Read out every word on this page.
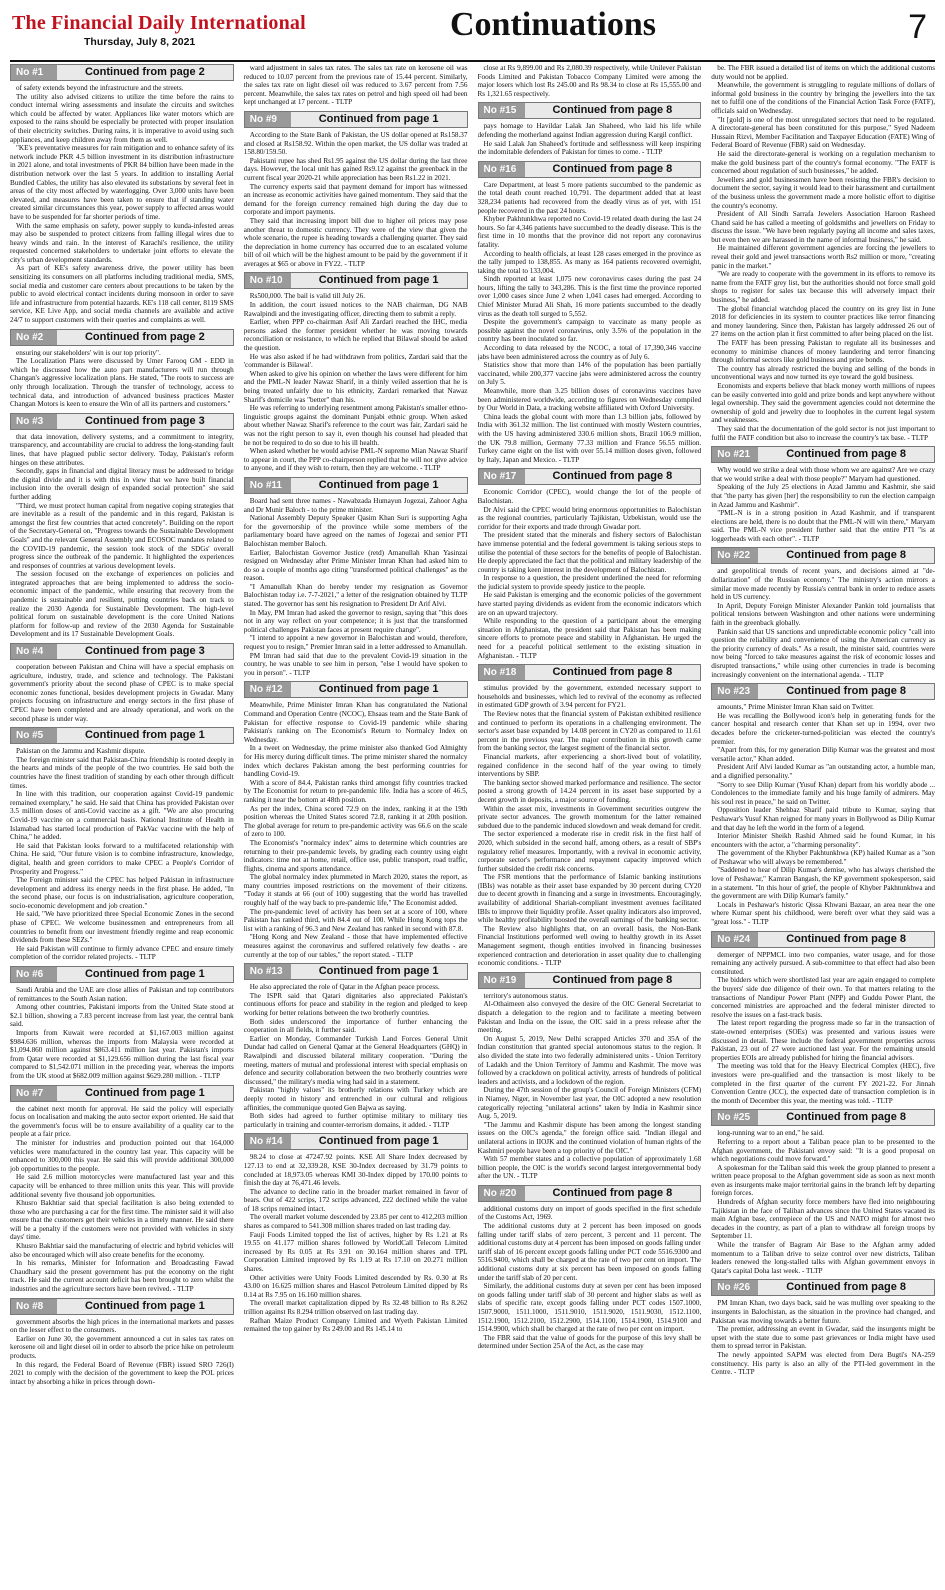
The Financial Daily International
Thursday, July 8, 2021	Continuations	7
No #1	Continued from page 2

of safety extends beyond the infrastructure and the streets.

The utility also advised citizens to utilize the time before the rains to conduct internal wiring assessments and insulate the circuits and switches which could be affected by water. Appliances like water motors which are exposed to the rains should be especially be protected with proper insulation of their electricity switches. During rains, it is imperative to avoid using such appliances, and keep children away from them as well.

"KE's preventative measures for rain mitigation and to enhance safety of its network include PKR 4.5 billion investment in its distribution infrastructure in 2021 alone, and total investments of PKR 84 billion have been made in the distribution network over the last 5 years. In addition to installing Aerial Bundled Cables, the utility has also elevated its substations by several feet in areas of the city most affected by waterlogging. Over 3,000 units have been elevated, and measures have been taken to ensure that if standing water created similar circumstances this year, power supply to affected areas would have to be suspended for far shorter periods of time.

With the same emphasis on safety, power supply to kunda-infested areas may also be suspended to protect citizens from falling illegal wires due to heavy winds and rain. In the interest of Karachi's resilience, the utility requested concerned stakeholders to undertake joint efforts to elevate the city's urban development standards.

As part of KE's safety awareness drive, the power utility has been sensitizing its consumers on all platforms including traditional media, SMS, social media and customer care centers about precautions to be taken by the public to avoid electrical contact incidents during monsoon in order to save life and infrastructure from potential hazards. KE's 118 call center, 8119 SMS service, KE Live App, and social media channels are available and active 24/7 to support customers with their queries and complaints as well.

No #2	Continued from page 2

ensuring our stakeholders' win is our top priority".

The Localization Plans were discussed by Umer Farooq GM - EDD in which he discussed how the auto part manufacturers will run through Changan's aggressive localization plans. He stated, "The roots to success are only through localization. Through the transfer of technology, access to technical data, and introduction of advanced business practices Master Changan Motors is keen to ensure the Win of all its partners and customers."

No #3	Continued from page 3

that data innovation, delivery systems, and a commitment to integrity, transparency, and accountability are crucial to address the long-standing fault lines, that have plagued public sector delivery. Today, Pakistan's reform hinges on these attributes.

Secondly, gaps in financial and digital literacy must be addressed to bridge the digital divide and it is with this in view that we have built financial inclusion into the overall design of expanded social protection" she said further adding

"Third, we must protect human capital from negative coping strategies that are inevitable as a result of the pandemic and in this regard, Pakistan is amongst the first few countries that acted concretely". Building on the report of the Secretary-General on, "Progress towards the Sustainable Development Goals" and the relevant General Assembly and ECOSOC mandates related to the COVID-19 pandemic, the session took stock of the SDGs' overall progress since the outbreak of the pandemic. It highlighted the experiences and responses of countries at various development levels.

The session focused on the exchange of experiences on policies and integrated approaches that are being implemented to address the socio-economic impact of the pandemic, while ensuring that recovery from the pandemic is sustainable and resilient, putting countries back on track to realize the 2030 Agenda for Sustainable Development. The high-level political forum on sustainable development is the core United Nations platform for follow-up and review of the 2030 Agenda for Sustainable Development and its 17 Sustainable Development Goals.

No #4	Continued from page 3

cooperation between Pakistan and China will have a special emphasis on agriculture, industry, trade, and science and technology. The Pakistani government's priority about the second phase of CPEC is to make special economic zones functional, besides development projects in Gwadar. Many projects focusing on infrastructure and energy sectors in the first phase of CPEC have been completed and are already operational, and work on the second phase is under way.

No #5	Continued from page 1

Pakistan on the Jammu and Kashmir dispute.

The foreign minister said that Pakistan-China friendship is rooted deeply in the hearts and minds of the people of the two countries. He said both the countries have the finest tradition of standing by each other through difficult times.

In line with this tradition, our cooperation against Covid-19 pandemic remained exemplary," he said. He said that China has provided Pakistan over 3.5 million doses of anti-Covid vaccine as a gift. "We are also procuring Covid-19 vaccine on a commercial basis. National Institute of Health in Islamabad has started local production of PakVac vaccine with the help of China," he added.

He said that Pakistan looks forward to a multifaceted relationship with China. He said, "Our future vision is to combine infrastructure, knowledge, digital, health and green corridors to make CPEC a People's Corridor of Prosperity and Progress."

The Foreign minister said the CPEC has helped Pakistan in infrastructure development and address its energy needs in the first phase. He added, "In the second phase, our focus is on industrialisation, agriculture cooperation, socio-economic development and job creation."

He said, "We have prioritized three Special Economic Zones in the second phase of CPEC. We welcome businessmen and entrepreneurs from all countries to benefit from our investment friendly regime and reap economic dividends from these SEZs."

He said Pakistan will continue to firmly advance CPEC and ensure timely completion of the corridor related projects. - TLTP

No #6	Continued from page 1

Saudi Arabia and the UAE are close allies of Pakistan and top contributors of remittances to the South Asian nation.

Among other countries, Pakistani imports from the United State stood at $2.1 billion, showing a 7.83 percent increase from last year, the central bank said.

Imports from Kuwait were recorded at $1,167.003 million against $984.636 million, whereas the imports from Malaysia were recorded at $1,094.860 million against $863.411 million last year. Pakistan's imports from Qatar were recorded at $1,129.656 million during the last fiscal year compared to $1,542.071 million in the preceding year, whereas the imports from the UK stood at $682.009 million against $629.280 million. - TLTP

No #7	Continued from page 1

the cabinet next month for approval. He said the policy will especially focus on localisation and making the auto sector export oriented. He said that the government's focus will be to ensure availability of a quality car to the people at a fair price.

The minister for industries and production pointed out that 164,000 vehicles were manufactured in the country last year. This capacity will be enhanced to 300,000 this year. He said this will provide additional 300,000 job opportunities to the people.

He said 2.6 million motorcycles were manufactured last year and this capacity will be enhanced to three million units this year. This will provide additional seventy five thousand job opportunities.

Khusro Bakhtiar said that special facilitation is also being extended to those who are purchasing a car for the first time. The minister said it will also ensure that the customers get their vehicles in a timely manner. He said there will be a penalty if the customers were not provided with vehicles in sixty days' time.

Khusro Bakhtiar said the manufacturing of electric and hybrid vehicles will also be encouraged which will also create benefits for the economy.

In his remarks, Minister for Information and Broadcasting Fawad Chaudhary said the present government has put the economy on the right track. He said the current account deficit has been brought to zero whilst the industries and the agriculture sectors have been revived. - TLTP

No #8	Continued from page 1

government absorbs the high prices in the international markets and passes on the lesser effect to the consumers.

Earlier on June 30, the government announced a cut in sales tax rates on kerosene oil and light diesel oil in order to absorb the price hike on petroleum products.

In this regard, the Federal Board of Revenue (FBR) issued SRO 726(I) 2021 to comply with the decision of the government to keep the POL prices intact by absorbing a hike in prices through down-

ward adjustment in sales tax rates. The sales tax rate on kerosene oil was reduced to 10.07 percent from the previous rate of 15.44 percent. Similarly, the sales tax rate on light diesel oil was reduced to 3.67 percent from 7.56 percent. Meanwhile, the sales tax rates on petrol and high speed oil had been kept unchanged at 17 percent. - TLTP

No #9	Continued from page 1

According to the State Bank of Pakistan, the US dollar opened at Rs158.37 and closed at Rs158.92. Within the open market, the US dollar was traded at 158.80/159.50.

Pakistani rupee has shed Rs1.95 against the US dollar during the last three days. However, the local unit has gained Rs9.12 against the greenback in the current fiscal year 2020-21 while appreciation has been Rs1.22 in 2021.

The currency experts said that payment demand for import has witnessed an increase as economic activities have gained momentum. They said that the demand for the foreign currency remained high during the day due to corporate and import payments.

They said that increasing import bill due to higher oil prices may pose another threat to domestic currency. They were of the view that given the whole scenario, the rupee is heading towards a challenging quarter. They said the depreciation in home currency has occurred due to an escalated volume bill of oil which will be the highest amount to be paid by the government if it averages at $65 or above in FY22. - TLTP

No #10	Continued from page 1

Rs500,000. The bail is valid till July 26.

In addition, the court issued notices to the NAB chairman, DG NAB Rawalpindi and the investigating officer, directing them to submit a reply.

Earlier, when PPP co-chairman Asif Ali Zardari reached the IHC, media persons asked the former president whether he was moving towards reconciliation or resistance, to which he replied that Bilawal should be asked the question.

He was also asked if he had withdrawn from politics, Zardari said that the 'commander is Bilawal'.

When asked to give his opinion on whether the laws were different for him and the PML-N leader Nawaz Sharif, in a thinly veiled assertion that he is being treated unfairly due to his ethnicity, Zardari remarked that Nawaz Sharif's domicile was "better" than his.

He was referring to underlying resentment among Pakistan's smaller ethno-linguistic groups against the dominant Punjabi ethnic group. When asked about whether Nawaz Sharif's reference to the court was fair, Zardari said he was not the right person to say it, even though his counsel had pleaded that he not be required to do so due to his ill health.

When asked whether he would advise PML-N supremo Mian Nawaz Sharif to appear in court, the PPP co-chairperson replied that he will not give advice to anyone, and if they wish to return, then they are welcome. - TLTP

No #11	Continued from page 1

Board had sent three names - Nawabzada Humayun Jogezai, Zahoor Agha and Dr Munir Baloch - to the prime minister.

National Assembly Deputy Speaker Qasim Khan Suri is supporting Agha for the governorship of the province while some members of the parliamentary board have agreed on the names of Jogezai and senior PTI Balochistan member Baloch.

Earlier, Balochistan Governor Justice (retd) Amanullah Khan Yasinzai resigned on Wednesday after Prime Minister Imran Khan had asked him to do so a couple of months ago citing "transformed political challenges" as the reason.

"I Amanullah Khan do hereby tender my resignation as Governor Balochistan today i.e. 7-7-2021," a letter of the resignation obtained by TLTP stated. The governor has sent his resignation to President Dr Arif Alvi.

In May, PM Imran had asked the governor to resign, saying that "this does not in any way reflect on your competence; it is just that the transformed political challenges Pakistan faces at present require change".

"I intend to appoint a new governor in Balochistan and would, therefore, request you to resign," Premier Imran said in a letter addressed to Amanullah.

PM Imran had said that due to the prevalent Covid-19 situation in the country, he was unable to see him in person, "else I would have spoken to you in person". - TLTP

No #12	Continued from page 1

Meanwhile, Prime Minister Imran Khan has congratulated the National Command and Operation Centre (NCOC), Ehsaas team and the State Bank of Pakistan for effective response to Covid-19 pandemic while sharing Pakistan's ranking on The Economist's Return to Normalcy Index on Wednesday.

In a tweet on Wednesday, the prime minister also thanked God Almighty for His mercy during difficult times. The prime minister shared the normalcy index which declares Pakistan among the best performing countries for handling Covid-19.

With a score of 84.4, Pakistan ranks third amongst fifty countries tracked by The Economist for return to pre-pandemic life. India has a score of 46.5, ranking it near the bottom at 48th position.

As per the index, China scored 72.9 on the index, ranking it at the 19th position whereas the United States scored 72.8, ranking it at 20th position. The global average for return to pre-pandemic activity was 66.6 on the scale of zero to 100.

The Economist's "normalcy index" aims to determine which countries are returning to their pre-pandemic levels, by grading each country using eight indicators: time not at home, retail, office use, public transport, road traffic, flights, cinema and sports attendance.

The global normalcy index plummeted in March 2020, states the report, as many countries imposed restrictions on the movement of their citizens. "Today it stands at 66 (out of 100) suggesting that the world has travelled roughly half of the way back to pre-pandemic life," The Economist added.

The pre-pandemic level of activity has been set at a score of 100, where Pakistan has ranked third, with 84.4 out of 100. While Hong Kong tops the list with a ranking of 96.3 and New Zealand has ranked in second with 87.8.

"Hong Kong and New Zealand - those that have implemented effective measures against the coronavirus and suffered relatively few deaths - are currently at the top of our tables," the report stated. - TLTP

No #13	Continued from page 1

He also appreciated the role of Qatar in the Afghan peace process.

The ISPR said that Qatari dignitaries also appreciated Pakistan's continuous efforts for peace and stability in the region and pledged to keep working for better relations between the two brotherly countries.

Both sides underscored the importance of further enhancing the cooperation in all fields, it further said.

Earlier on Monday, Commander Turkish Land Forces General Umit Dundar had called on General Qamar at the General Headquarters (GHQ) in Rawalpindi and discussed bilateral military cooperation. "During the meeting, matters of mutual and professional interest with special emphasis on defence and security collaboration between the two brotherly countries were discussed," the military's media wing had said in a statement.

Pakistan "highly values" its brotherly relations with Turkey which are deeply rooted in history and entrenched in our cultural and religious affinities, the communique quoted Gen Bajwa as saying.

Both sides had agreed to further optimise military to military ties particularly in training and counter-terrorism domains, it added. - TLTP

No #14	Continued from page 1

98.24 to close at 47247.92 points. KSE All Share Index decreased by 127.13 to end at 32,339.28, KSE 30-Index decreased by 31.79 points to concluded at 18,973.05 whereas KMI 30-Index dipped by 170.00 points to finish the day at 76,471.46 levels.

The advance to decline ratio in the broader market remained in favor of bears. Out of 422 scrips, 172 scrips advanced, 222 declined while the value of 18 scrips remained intact.

The overall market volume descended by 23.85 per cent to 412,203 million shares as compared to 541.308 million shares traded on last trading day.

Fauji Foods Limited topped the list of actives, higher by Rs 1.21 at Rs 19.55 on 41.177 million shares followed by WorldCall Telecom Limited increased by Rs 0.05 at Rs 3.91 on 30.164 million shares and TPL Corporation Limited improved by Rs 1.19 at Rs 17.10 on 20.271 million shares.

Other activities were Unity Foods Limited descended by Rs. 0.30 at Rs 43.00 on 16.625 million shares and Hascol Petroleum Limited dipped by Rs 0.14 at Rs 7.95 on 16.160 million shares.

The overall market capitalization dipped by Rs 32.48 billion to Rs 8.262 trillion against Rs 8.294 trillion observed on last trading day.

Rafhan Maize Product Company Limited and Wyeth Pakistan Limited remained the top gainer by Rs 249.00 and Rs 145.14 to

close at Rs 9,899.00 and Rs 2,080.39 respectively, while Unilever Pakistan Foods Limited and Pakistan Tobacco Company Limited were among the major losers which lost Rs 245.00 and Rs 98.34 to close at Rs 15,555.00 and Rs 1,321.65 respectively.

No #15	Continued from page 8

pays homage to Havildar Lalak Jan Shaheed, who laid his life while defending the motherland against Indian aggression during Kargil conflict.

He said Lalak Jan Shaheed's fortitude and selflessness will keep inspiring the indomitable defenders of Pakistan for times to come. - TLTP

No #16	Continued from page 8

Care Department, at least 5 more patients succumbed to the pandemic as the total death count reached 10,791. The department added that at least 328,234 patients had recovered from the deadly virus as of yet, with 151 people recovered in the past 24 hours.

Khyber Pakhtunkhwa reported no Covid-19 related death during the last 24 hours. So far 4,346 patients have succumbed to the deadly disease. This is the first time in 10 months that the province did not report any coronavirus fatality.

According to health officials, at least 128 cases emerged in the province as the tally jumped to 138,855. As many as 164 patients recovered overnight, taking the total to 133,004.

Sindh reported at least 1,075 new coronavirus cases during the past 24 hours, lifting the tally to 343,286. This is the first time the province reported over 1,000 cases since June 2 when 1,041 cases had emerged. According to Chief Minister Murad Ali Shah, 16 more patients succumbed to the deadly virus as the death toll surged to 5,552.

Despite the government's campaign to vaccinate as many people as possible against the novel coronavirus, only 3.5% of the population in the country has been inoculated so far.

According to data released by the NCOC, a total of 17,390,346 vaccine jabs have been administered across the country as of July 6.

Statistics show that more than 14% of the population has been partially vaccinated, while 200,377 vaccine jabs were administered across the country on July 5.

Meanwhile, more than 3.25 billion doses of coronavirus vaccines have been administered worldwide, according to figures on Wednesday compiled by Our World in Data, a tracking website affiliated with Oxford University.

China leads the global count with more than 1.3 billion jabs, followed by India with 361.32 million. The list continued with mostly Western countries, with the US having administered 330.6 million shots, Brazil 106.9 million, the UK 79.8 million, Germany 77.33 million and France 56.55 million. Turkey came eight on the list with over 55.14 million doses given, followed by Italy, Japan and Mexico. - TLTP

No #17	Continued from page 8

Economic Corridor (CPEC), would change the lot of the people of Balochistan.

Dr Alvi said the CPEC would bring enormous opportunities to Balochistan as the regional countries, particularly Tajikistan, Uzbekistan, would use the corridor for their exports and trade through Gwadar port.

The president stated that the minerals and fishery sectors of Balochistan have immense potential and the federal government is taking serious steps to utilise the potential of these sectors for the benefits of people of Balochistan. He deeply appreciated the fact that the political and military leadership of the country is taking keen interest in the development of Balochistan.

In response to a question, the president underlined the need for reforming the judicial system to provide speedy justice to the people.

He said Pakistan is emerging and the economic policies of the government have started paying dividends as evident from the economic indicators which are on an upward trajectory.

While responding to the question of a participant about the emerging situation in Afghanistan, the president said that Pakistan has been making sincere efforts to promote peace and stability in Afghanistan. He urged the need for a peaceful political settlement to the existing situation in Afghanistan. - TLTP

No #18	Continued from page 8

stimulus provided by the government, extended necessary support to households and businesses, which led to revival of the economy as reflected in estimated GDP growth of 3.94 percent for FY21.

The Review notes that the financial system of Pakistan exhibited resilience and continued to perform its operations in a challenging environment. The sector's asset base expanded by 14.08 percent in CY20 as compared to 11.61 percent in the previous year. The major contribution in this growth came from the banking sector, the largest segment of the financial sector.

Financial markets, after experiencing a short-lived bout of volatility, regained confidence in the second half of the year owing to timely interventions by SBP.

The banking sector showed marked performance and resilience. The sector posted a strong growth of 14.24 percent in its asset base supported by a decent growth in deposits, a major source of funding.

Within the asset mix, investments in Government securities outgrew the private sector advances. The growth momentum for the latter remained subdued due to the pandemic induced slowdown and weak demand for credit.

The sector experienced a moderate rise in credit risk in the first half of 2020, which subsided in the second half, among others, as a result of SBP's regulatory relief measures. Importantly, with a revival in economic activity, corporate sector's performance and repayment capacity improved which further subsided the credit risk concerns.

The FSR mentions that the performance of Islamic banking institutions (IBIs) was notable as their asset base expanded by 30 percent during CY20 due to decent growth in financing and a surge in investments. Encouragingly, availability of additional Shariah-compliant investment avenues facilitated IBIs to improve their liquidity profile. Asset quality indicators also improved, while healthy profitability boosted the overall earnings of the banking sector.

The Review also highlights that, on an overall basis, the Non-Bank Financial Institutions performed well owing to healthy growth in its Asset Management segment, though entities involved in financing businesses experienced contraction and deterioration in asset quality due to challenging economic conditions. - TLTP

No #19	Continued from page 8

territory's autonomous status.

Al-Othaimeen also conveyed the desire of the OIC General Secretariat to dispatch a delegation to the region and to facilitate a meeting between Pakistan and India on the issue, the OIC said in a press release after the meeting.

On August 5, 2019, New Delhi scrapped Articles 370 and 35A of the Indian constitution that granted special autonomous status to the region. It also divided the state into two federally administered units - Union Territory of Ladakh and the Union Territory of Jammu and Kashmir. The move was followed by a crackdown on political activity, arrests of hundreds of political leaders and activists, and a lockdown of the region.

During the 47th session of the group's Council of Foreign Ministers (CFM) in Niamey, Niger, in November last year, the OIC adopted a new resolution categorically rejecting "unilateral actions" taken by India in Kashmir since Aug. 5, 2019.

"The Jammu and Kashmir dispute has been among the longest standing issues on the OIC's agenda," the foreign office said. "Indian illegal and unilateral actions in IIOJK and the continued violation of human rights of the Kashmiri people have been a top priority of the OIC."

With 57 member states and a collective population of approximately 1.68 billion people, the OIC is the world's second largest intergovernmental body after the UN. - TLTP

No #20	Continued from page 8

additional customs duty on import of goods specified in the first schedule of the Customs Act, 1969.

The additional customs duty at 2 percent has been imposed on goods falling under tariff slabs of zero percent, 3 percent and 11 percent. The additional customs duty at 4 percent has been imposed on goods falling under tariff slab of 16 percent except goods falling under PCT code 5516.9300 and 5516.9400, which shall be charged at the rate of two per cent on import. The additional customs duty at six percent has been imposed on goods falling under the tariff slab of 20 per cent.

Similarly, the additional customs duty at seven per cent has been imposed on goods falling under tariff slab of 30 percent and higher slabs as well as slabs of specific rate, except goods falling under PCT codes 1507.1000, 1507.9000, 1511.1000, 1511.9010, 1511.9020, 1511.9030, 1512.1100, 1512.1900, 1512.2100, 1512.2900, 1514.1100, 1514.1900, 1514.9100 and 1514.9900, which shall be charged at the rate of two per cent on import.

The FBR said that the value of goods for the purpose of this levy shall be determined under Section 25A of the Act, as the case may

be. The FBR issued a detailed list of items on which the additional customs duty would not be applied.

Meanwhile, the government is struggling to regulate millions of dollars of informal gold business in the country by bringing the jewellers into the tax net to fulfil one of the conditions of the Financial Action Task Force (FATF), officials said on Wednesday.

"It [gold] is one of the most unregulated sectors that need to be regulated. A directorate-general has been constituted for this purpose," Syed Nadeem Hussain Rizvi, Member Facilitation and Taxpayer Education (FATE) Wing of Federal Board of Revenue (FBR) said on Wednesday.

He said the directorate-general is working on a regulation mechanism to make the gold business part of the country's formal economy. "The FATF is concerned about regulation of such businesses," he added.

Jewellers and gold businessmen have been resisting the FBR's decision to document the sector, saying it would lead to their harassment and curtailment of the business unless the government made a more holistic effort to digitise the country's economy.

President of All Sindh Sarrafa Jewelers Association Haroon Rasheed Chand said he has called a meeting of goldsmiths and jewellers on Friday to discuss the issue. "We have been regularly paying all income and sales taxes, but even then we are harassed in the name of informal business," he said.

He maintained different government agencies are forcing the jewellers to reveal their gold and jewel transactions worth Rs2 million or more, "creating panic in the market."

"We are ready to cooperate with the government in its efforts to remove its name from the FATF grey list, but the authorities should not force small gold shops to register for sales tax because this will adversely impact their business," he added.

The global financial watchdog placed the country on its grey list in June 2018 for deficiencies in its system to counter practices like terror financing and money laundering. Since then, Pakistan has largely addressed 26 out of 27 items on the action plan it first committed to after being placed on the list.

The FATF has been pressing Pakistan to regulate all its businesses and economy to minimise chances of money laundering and terror financing through informal sectors like gold business and prize bonds.

The country has already restricted the buying and selling of the bonds in unconventional ways and now turned its eye toward the gold business.

Economists and experts believe that black money worth millions of rupees can be easily converted into gold and prize bonds and kept anywhere without legal ownership. They said the government agencies could not determine the ownership of gold and jewelry due to loopholes in the current legal system and weaknesses.

They said that the documentation of the gold sector is not just important to fulfil the FATF condition but also to increase the country's tax base. - TLTP

No #21	Continued from page 8

Why would we strike a deal with those whom we are against? Are we crazy that we would strike a deal with those people?" Maryam had questioned.

Speaking of the July 25 elections in Azad Jammu and Kashmir, she said that "the party has given [her] the responsibility to run the election campaign in Azad Jammu and Kashmir".

"PML-N is in a strong position in Azad Kashmir, and if transparent elections are held, there is no doubt that the PML-N will win there," Maryam said. The PML-N vice president further said that the entire PTI "is at loggerheads with each other". - TLTP

No #22	Continued from page 8

and geopolitical trends of recent years, and decisions aimed at "de-dollarization" of the Russian economy." The ministry's action mirrors a similar move made recently by Russia's central bank in order to reduce assets held in US currency.

In April, Deputy Foreign Minister Alexander Pankin told journalists that political tensions between Washington and other nations were undermining faith in the greenback globally.

Pankin said that US sanctions and unpredictable economic policy "call into question the reliability and convenience of using the American currency as the priority currency of deals." As a result, the minister said, countries were now being "forced to take measures against the risk of economic losses and disrupted transactions," while using other currencies in trade is becoming increasingly convenient on the international agenda. - TLTP

No #23	Continued from page 8

amounts," Prime Minister Imran Khan said on Twitter.

He was recalling the Bollywood icon's help in generating funds for the cancer hospital and research center that Khan set up in 1994, over two decades before the cricketer-turned-politician was elected the country's premier.

"Apart from this, for my generation Dilip Kumar was the greatest and most versatile actor," Khan added.

President Arif Alvi lauded Kumar as "an outstanding actor, a humble man, and a dignified personality."

"Sorry to see Dilip Kumar (Yusuf Khan) depart from his worldly abode ... Condolences to the immediate family and his huge family of admirers. May his soul rest in peace," he said on Twitter.

Opposition leader Shehbaz Sharif paid tribute to Kumar, saying that Peshawar's Yusuf Khan reigned for many years in Bollywood as Dilip Kumar and that day he left the world in the form of a legend.

Interior Minister Sheikh Rashid Ahmed said he found Kumar, in his encounters with the actor, a "charming personality".

The government of the Khyber Pakhtunkhwa (KP) hailed Kumar as a "son of Peshawar who will always be remembered."

"Saddened to hear of Dilip Kumar's demise, who has always cherished the love of Peshawar," Kamran Bangash, the KP government spokesperson, said in a statement. "In this hour of grief, the people of Khyber Pakhtunkhwa and the government are with Dilip Kumar's family."

Locals in Peshawar's historic Qissa Khwani Bazaar, an area near the one where Kumar spent his childhood, were bereft over what they said was a "great loss." - TLTP

No #24	Continued from page 8

demerger of NPPMCL into two companies, water usage, and for those remaining any actively pursued. A sub-committee to that effect had also been constituted.

The bidders which were shortlisted last year are again engaged to complete the buyers' side due diligence of their own. To that matters relating to the transactions of Nandipur Power Plant (NPP) and Guddu Power Plant, the concerned ministries are approached and the federal minister directed to resolve the issues on a fast-track basis.

The latest report regarding the progress made so far in the transaction of state-owned enterprises (SOEs) was presented and various issues were discussed in detail. These include the federal government properties across Pakistan, 23 out of 27 were auctioned last year. For the remaining unsold properties EOIs are already published for hiring the financial advisors.

The meeting was told that for the Heavy Electrical Complex (HEC), five investors were pre-qualified and the transaction is most likely to be completed in the first quarter of the current FY 2021-22. For Jinnah Convention Centre (JCC), the expected date of transaction completion is in the month of December this year, the meeting was told. - TLTP

No #25	Continued from page 8

long-running war to an end," he said.

Referring to a report about a Taliban peace plan to be presented to the Afghan government, the Pakistani envoy said: "It is a good proposal on which negotiations could move forward."

A spokesman for the Taliban said this week the group planned to present a written peace proposal to the Afghan government side as soon as next month even as insurgents make major territorial gains in the branch left by departing foreign forces.

Hundreds of Afghan security force members have fled into neighbouring Tajikistan in the face of Taliban advances since the United States vacated its main Afghan base, centrepiece of the US and NATO might for almost two decades in the country, as part of a plan to withdraw all foreign troops by September 11.

While the transfer of Bagram Air Base to the Afghan army added momentum to a Taliban drive to seize control over new districts, Taliban leaders renewed the long-stalled talks with Afghan government envoys in Qatar's capital Doha last week. - TLTP

No #26	Continued from page 8

PM Imran Khan, two days back, said he was mulling over speaking to the insurgents in Balochistan, as the situation in the province had changed, and Pakistan was moving towards a better future.

The premier, addressing an event in Gwadar, said the insurgents might be upset with the state due to some past grievances or India might have used them to spread terror in Pakistan.

The newly appointed SAPM was elected from Dera Bugti's NA-259 constituency. His party is also an ally of the PTI-led government in the Centre. - TLTP
